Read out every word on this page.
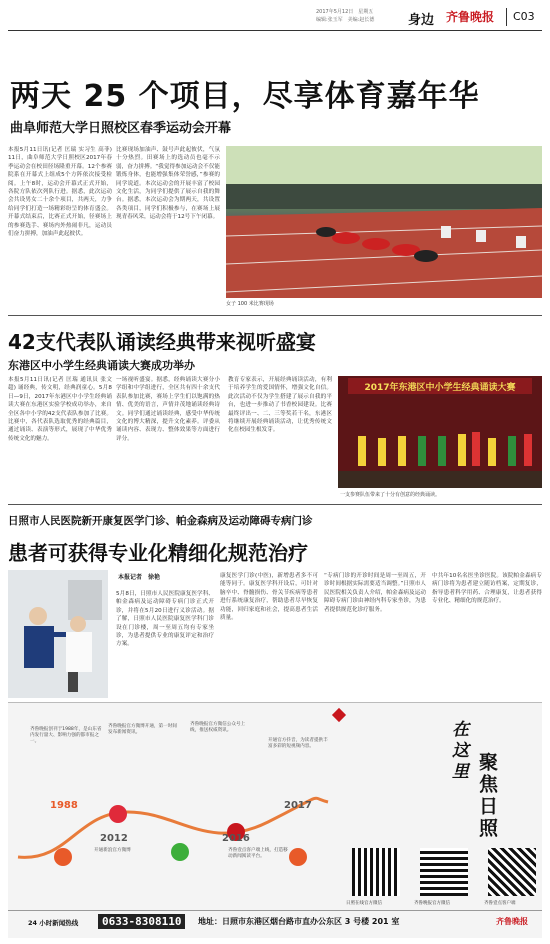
2017年5月12日　星期五
编辑:张玉军　美编:赵长德	身边 齐鲁晚报 C03
两天 25 个项目，尽享体育嘉年华
曲阜师范大学日照校区春季运动会开幕
本报5月11日讯(记者 匡瑞 实习生 高菲) 11日，曲阜师范大学日照校区2017年春季运动会在校田径场隆重开幕。12个参赛院系在开幕式上组成5个方阵依次接受检阅。上午8时，运动会开幕式正式开始，各院方队依次列队行进。据悉，此次运动会共设男女二十余个项目，共两天，力争给同学们打造一场精彩纷呈的体育盛会。开幕式结束后，比赛正式开始，径赛场上的参赛选手、赛场内外热闹非凡，运动员们奋力拼搏，加油声此起彼伏。
比赛现场加油声、鼓号声此起彼伏，气氛十分热烈。田赛场上的选动员也毫不示弱，奋力拼搏。“我觉得参加运动会不仅能锻炼身体，也能增强集体荣誉感，”参赛的同学说道。本次运动会的开展丰富了校园文化生活，为同学们提供了展示自我的舞台。据悉，本次运动会为期两天，共设置各类项目，同学们积极参与，在赛场上展现青春风采，运动会将于12号下午闭幕。
女子 100 米比赛现场
42支代表队诵读经典带来视听盛宴
东港区中小学生经典诵读大赛成功举办
本报5月11日讯(记者 匡瑞 通讯员 张文超) 诵经典，传文明，经典润童心。5月8日—9日，2017年东港区中小学生经典诵读大赛在东港区实验学校成功举办，来自全区各中小学的42支代表队参加了比赛。比赛中，各代表队选取优秀的经典篇目，通过诵读、表演等形式，展现了中华优秀传统文化的魅力。
一场视听盛宴。据悉，经典诵读大赛分小学组和中学组进行，全区共有四十余支代表队参加比赛，赛场上学生们以饱满的热情、优美的语言，声情并茂地诵读经典诗文。同学们通过诵读经典，感受中华传统文化的博大精深，提升文化素养。评委从诵读内容、表现力、整体效果等方面进行评分。
教育专家表示，开展经典诵读活动，有利于培养学生的爱国情怀，增强文化自信。此次活动不仅为学生搭建了展示自我的平台，也进一步推动了书香校园建设。比赛最终评出一、二、三等奖若干名，东港区将继续开展经典诵读活动，让优秀传统文化在校园生根发芽。
2017年东港区中小学生经典诵读大赛
一支参赛队伍带来了十分有创意的经典诵读。
日照市人民医院新开康复医学门诊、帕金森病及运动障碍专病门诊
患者可获得专业化精细化规范治疗
本报记者　徐艳
5月8日，日照市人民医院康复医学科、帕金森病及运动障碍专病门诊正式开诊，并将在5月20日进行义诊活动。据了解，日照市人民医院康复医学科门诊设在门诊楼，周一至周五均有专家坐诊，为患者提供专业的康复评定和治疗方案。
康复医学门诊(中医)，新增患者多不可能等同于。康复医学科开设后，可针对脑卒中、脊髓损伤、骨关节疾病等患者进行系统康复治疗，帮助患者尽早恢复功能，回归家庭和社会，提高患者生活质量。
“专病门诊的开诊时间是周一至周五，开诊时间根据实际需要适当调整。”日照市人民医院相关负责人介绍，帕金森病及运动障碍专病门诊由神经内科专家坐诊，为患者提供规范化诊疗服务。
中共年10名名医坐诊医院。该院帕金森病专病门诊将为患者建立随访档案，定期复诊，指导患者科学用药、合理康复，让患者获得专业化、精细化的规范治疗。
齐鲁晚报创刊于1988年，是山东省内发行量大、影响力强的都市报之一。
齐鲁晚报官方微博开通，第一时间发布新闻资讯。
齐鲁晚报官方微信公众号上线，推送权威资讯。
开通官方抖音，为读者提供丰富多彩的短视频内容。
开通新浪官方微博	齐鲁壹点客户端上线，打造移动新闻阅读平台。
1988
2012	2016
2017
在这里
聚焦日照
日照在线官方微信	齐鲁晚报官方微信	齐鲁壹点客户端
24 小时新闻热线	0633-8308110	地址：日照市东港区烟台路市直办公东区 3 号楼 201 室	齐鲁晚报
